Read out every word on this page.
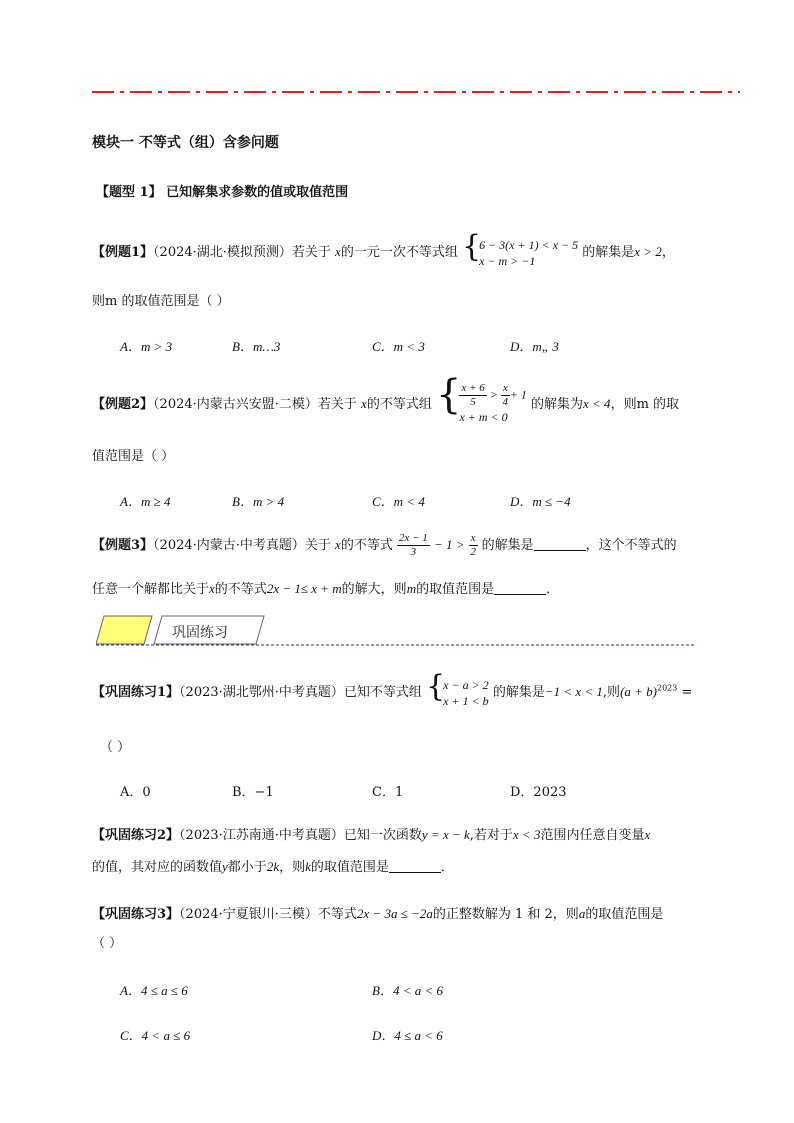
模块一 不等式（组）含参问题
【题型 1】 已知解集求参数的值或取值范围
【例题1】（2024·湖北·模拟预测）若关于 x的一元一次不等式组 {6 − 3(x + 1) < x − 5
x − m > −1 的解集是x > 2，
则m 的取值范围是（ ）
A．m > 3	B．m…3	C．m < 3	D．m„ 3
【例题2】（2024·内蒙古兴安盟·二模）若关于 x的不等式组 {
$\frac{x + 6}{5} > \frac{x}{4} + 1$
x + m < 0 的解集为x < 4，则m 的取
值范围是（ ）
A．m ≥ 4	B．m > 4	C．m < 4	D．m ≤ −4
【例题3】（2024·内蒙古·中考真题）关于 x的不等式 $\frac{2x - 1}{3} - 1 > \frac{x}{2}$ 的解集是	，这个不等式的
任意一个解都比关于x的不等式2x − 1≤ x + m的解大，则m的取值范围是	．
巩固练习
【巩固练习1】（2023·湖北鄂州·中考真题）已知不等式组 {x − a > 2
x + 1 < b 的解集是−1 < x < 1,则$(a + b)^{2023}$ =
（ ）
A．0	B．−1	C．1	D．2023
【巩固练习2】（2023·江苏南通·中考真题）已知一次函数y = x − k,若对于x < 3范围内任意自变量x
的值，其对应的函数值y都小于2k，则k的取值范围是	．
【巩固练习3】（2024·宁夏银川·三模）不等式2x − 3a ≤ −2a的正整数解为 1 和 2，则a的取值范围是
（ ）
A．4 ≤ a ≤ 6	B．4 < a < 6
C．4 < a ≤ 6	D．4 ≤ a < 6
